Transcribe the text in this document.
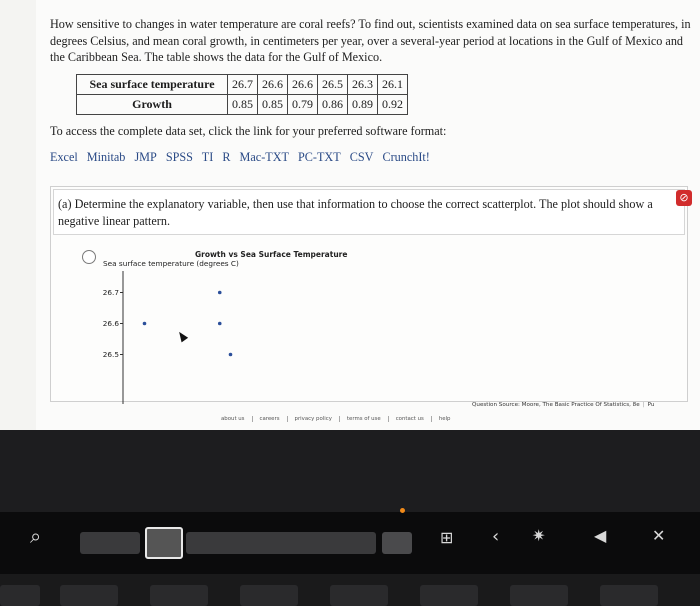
How sensitive to changes in water temperature are coral reefs? To find out, scientists examined data on sea surface temperatures, in degrees Celsius, and mean coral growth, in centimeters per year, over a several-year period at locations in the Gulf of Mexico and the Caribbean Sea. The table shows the data for the Gulf of Mexico.
Sea surface temperature	26.7	26.6	26.6	26.5	26.3	26.1
Growth	0.85	0.85	0.79	0.86	0.89	0.92
To access the complete data set, click the link for your preferred software format:
Excel Minitab JMP SPSS TI R Mac-TXT PC-TXT CSV CrunchIt!
(a) Determine the explanatory variable, then use that information to choose the correct scatterplot. The plot should show a negative linear pattern.
⊘
Growth vs Sea Surface Temperature
Sea surface temperature (degrees C)
26.7
26.6
26.5
Question Source: Moore, The Basic Practice Of Statistics, 8e | Pu
about us	careers	privacy policy	terms of use	contact us	help
⌕	⊞ ‹ ✷	◀	✕
